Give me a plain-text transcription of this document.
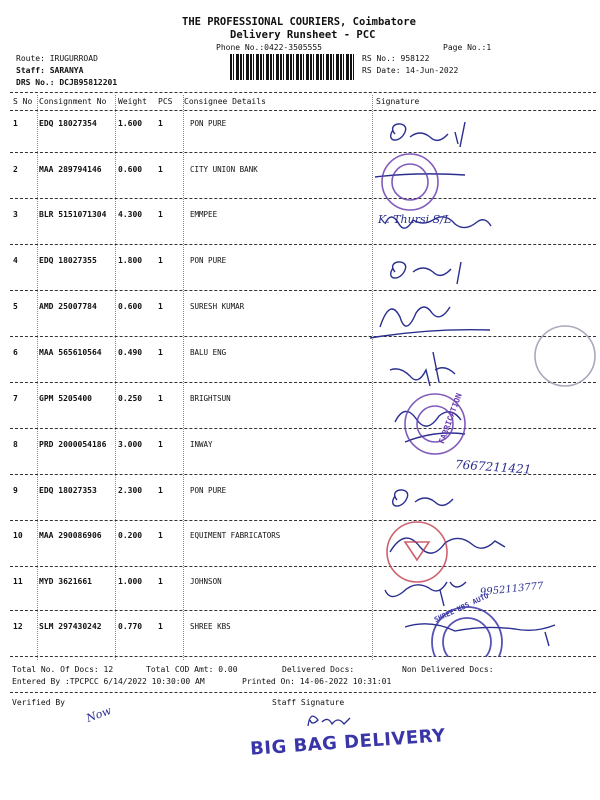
THE PROFESSIONAL COURIERS, Coimbatore
Delivery Runsheet - PCC
Phone No.:0422-3505555	Page No.:1
Route: IRUGURROAD
Staff: SARANYA
DRS No.: DCJB95812201
RS No.: 958122
RS Date: 14-Jun-2022
S No Consignment No Weight PCS Consignee Details	Signature
1	EDQ 18027354	1.600 1	PON PURE
2	MAA 289794146 0.600 1	CITY UNION BANK
3	BLR 5151071304 4.300 1	EMMPEE
4	EDQ 18027355	1.800 1	PON PURE
5	AMD 25007784	0.600 1	SURESH KUMAR
6	MAA 565610564 0.490 1	BALU ENG
7	GPM 5205400	0.250 1	BRIGHTSUN
8	PRD 2000054186 3.000 1	INWAY
9	EDQ 18027353	2.300 1	PON PURE
10 MAA 290086906 0.200 1	EQUIMENT FABRICATORS
11 MYD 3621661	1.000 1	JOHNSON
12 SLM 297430242 0.770 1	SHREE KBS
K. Thursi S/L
7667211421
9952113777
FABRICATION
SHREE KBS AUTO
Total No. Of Docs: 12	Total COD Amt: 0.00	Delivered Docs:	Non Delivered Docs:
Entered By :TPCPCC 6/14/2022 10:30:00 AM	Printed On: 14-06-2022 10:31:01
Verified By	Staff Signature
Now
BIG BAG DELIVERY
